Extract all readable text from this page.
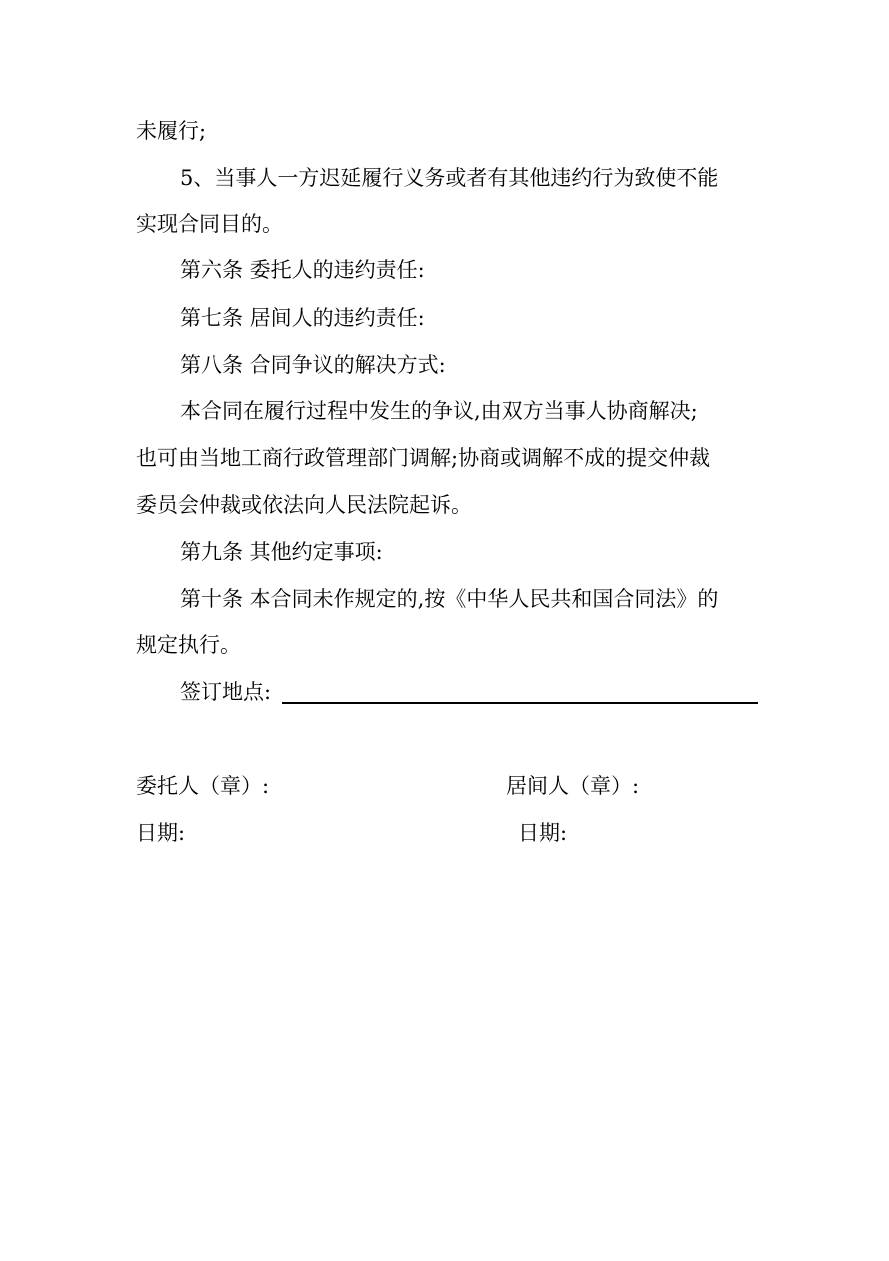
未履行;
5、当事人一方迟延履行义务或者有其他违约行为致使不能
实现合同目的。
第六条 委托人的违约责任:
第七条 居间人的违约责任:
第八条 合同争议的解决方式:
本合同在履行过程中发生的争议,由双方当事人协商解决;
也可由当地工商行政管理部门调解;协商或调解不成的提交仲裁
委员会仲裁或依法向人民法院起诉。
第九条 其他约定事项:
第十条 本合同未作规定的,按《中华人民共和国合同法》的
规定执行。
签订地点:
委托人（章）:	居间人（章）:
日期:	日期:
